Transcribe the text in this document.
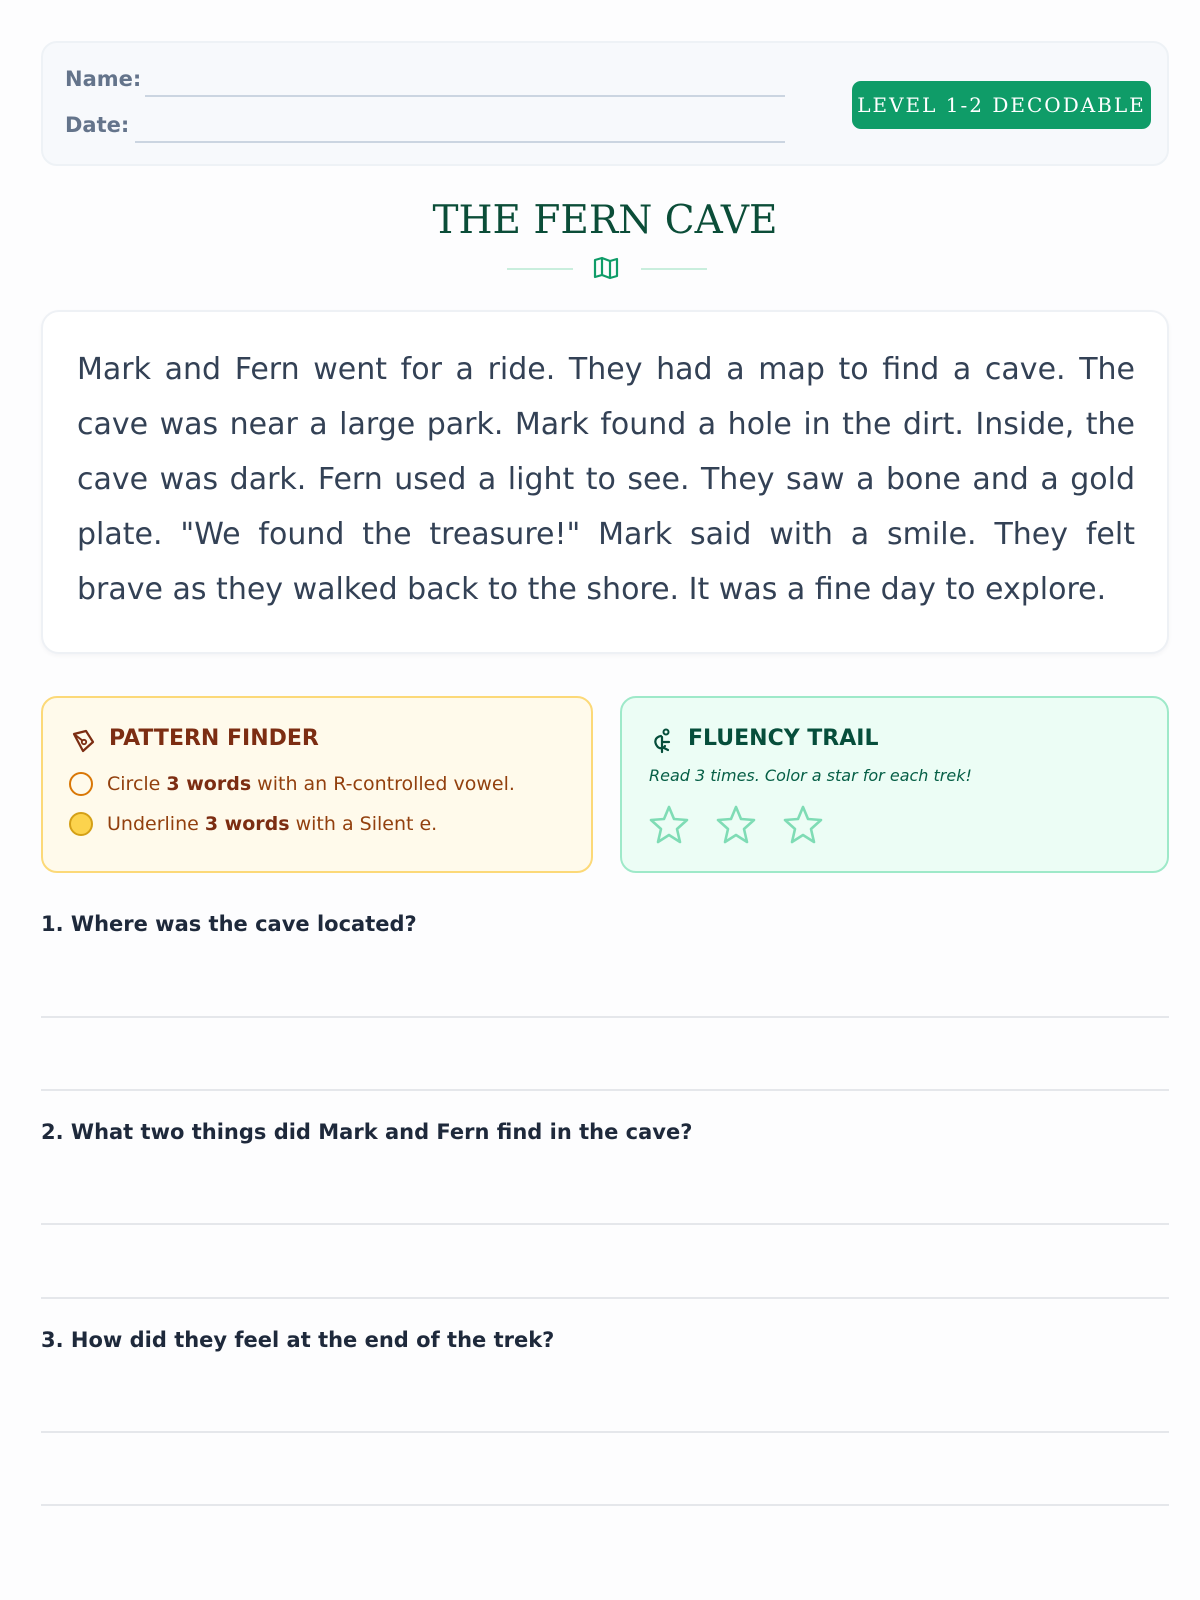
Name:
Date:
LEVEL 1-2 DECODABLE
THE FERN CAVE

Mark and Fern went for a ride. They had a map to find a cave. The cave was near a large park. Mark found a hole in the dirt. Inside, the cave was dark. Fern used a light to see. They saw a bone and a gold plate. "We found the treasure!" Mark said with a smile. They felt brave as they walked back to the shore. It was a fine day to explore.

PATTERN FINDER
Circle 3 words with an R-controlled vowel.
Underline 3 words with a Silent e.
FLUENCY TRAIL
Read 3 times. Color a star for each trek!
1. Where was the cave located?
2. What two things did Mark and Fern find in the cave?
3. How did they feel at the end of the trek?
